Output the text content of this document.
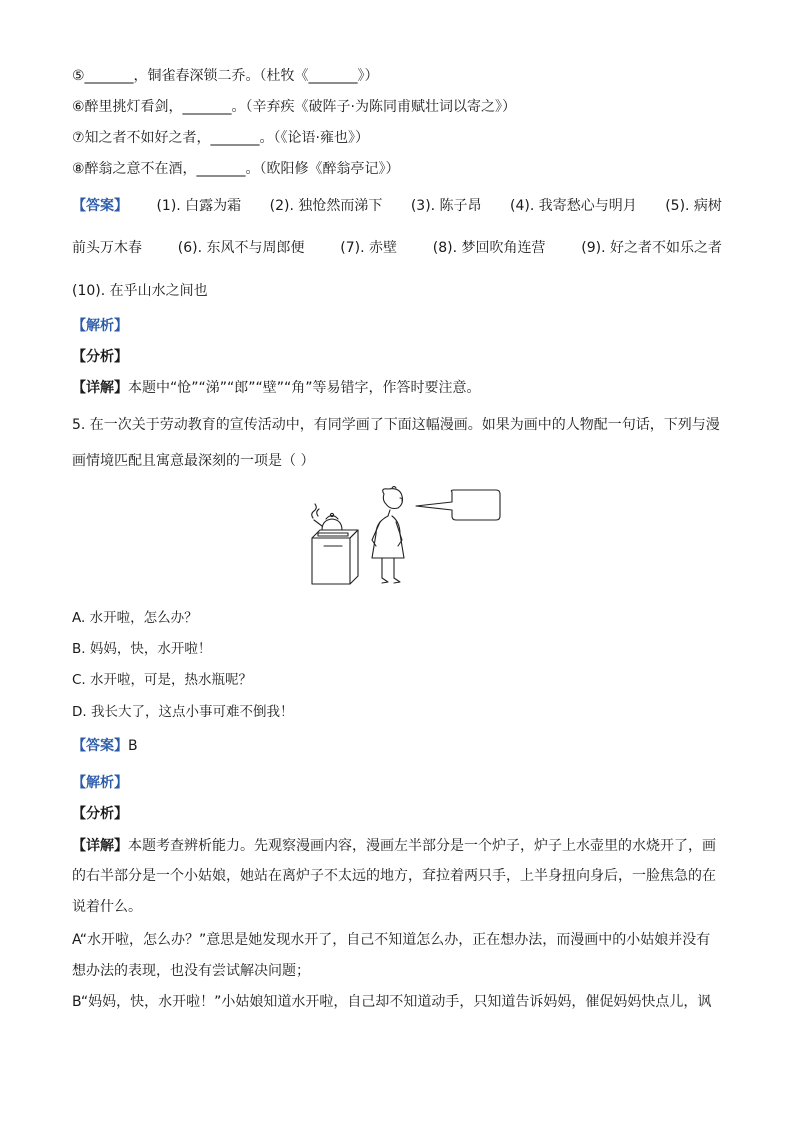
⑤_______，铜雀春深锁二乔。（杜牧《_______》）
⑥醉里挑灯看剑，_______。（辛弃疾《破阵子·为陈同甫赋壮词以寄之》）
⑦知之者不如好之者，_______。（《论语·雍也》）
⑧醉翁之意不在酒，_______。（欧阳修《醉翁亭记》）
【答案】 (1). 白露为霜 (2). 独怆然而涕下 (3). 陈子昂 (4). 我寄愁心与明月 (5). 病树
前头万木春	(6). 东风不与周郎便	(7). 赤壁	(8). 梦回吹角连营	(9). 好之者不如乐之者
(10). 在乎山水之间也
【解析】
【分析】
【详解】本题中“怆”“涕”“郎”“壁”“角”等易错字，作答时要注意。
5. 在一次关于劳动教育的宣传活动中，有同学画了下面这幅漫画。如果为画中的人物配一句话，下列与漫
画情境匹配且寓意最深刻的一项是（ ）
A. 水开啦，怎么办？
B. 妈妈，快，水开啦！
C. 水开啦，可是，热水瓶呢？
D. 我长大了，这点小事可难不倒我！
【答案】B
【解析】
【分析】
【详解】本题考查辨析能力。先观察漫画内容，漫画左半部分是一个炉子，炉子上水壶里的水烧开了，画
的右半部分是一个小姑娘，她站在离炉子不太远的地方，耷拉着两只手，上半身扭向身后，一脸焦急的在
说着什么。
A“水开啦，怎么办？”意思是她发现水开了，自己不知道怎么办，正在想办法，而漫画中的小姑娘并没有
想办法的表现，也没有尝试解决问题；
B“妈妈，快，水开啦！”小姑娘知道水开啦，自己却不知道动手，只知道告诉妈妈，催促妈妈快点儿，讽
